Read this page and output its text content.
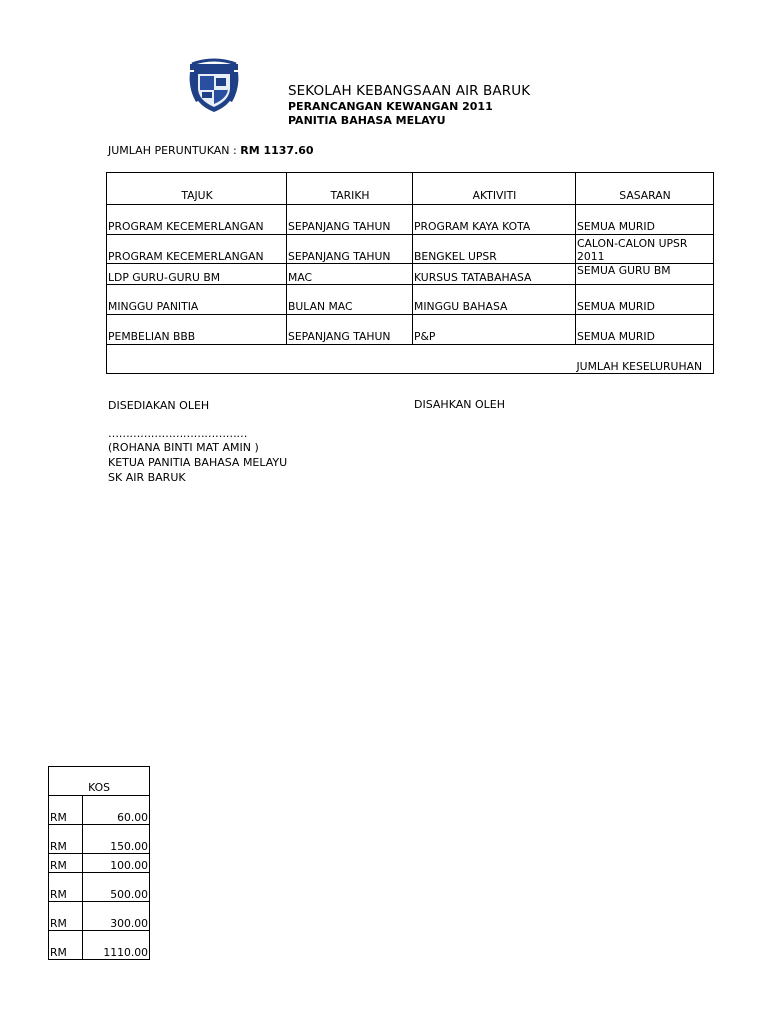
SEKOLAH KEBANGSAAN AIR BARUK
PERANCANGAN KEWANGAN 2011
PANITIA BAHASA MELAYU
JUMLAH PERUNTUKAN : RM 1137.60
TAJUK	TARIKH	AKTIVITI	SASARAN
PROGRAM KECEMERLANGAN	SEPANJANG TAHUN	PROGRAM KAYA KOTA	SEMUA MURID
PROGRAM KECEMERLANGAN	SEPANJANG TAHUN	BENGKEL UPSR	CALON-CALON UPSR 2011
LDP GURU-GURU BM	MAC	KURSUS TATABAHASA	SEMUA GURU BM
MINGGU PANITIA	BULAN MAC	MINGGU BAHASA	SEMUA MURID
PEMBELIAN BBB	SEPANJANG TAHUN	P&P	SEMUA MURID
			JUMLAH KESELURUHAN
DISEDIAKAN OLEH	DISAHKAN OLEH
…………………………………
(ROHANA BINTI MAT AMIN )
KETUA PANITIA BAHASA MELAYU
SK AIR BARUK
KOS	
RM	60.00
RM	150.00
RM	100.00
RM	500.00
RM	300.00
RM	1110.00
